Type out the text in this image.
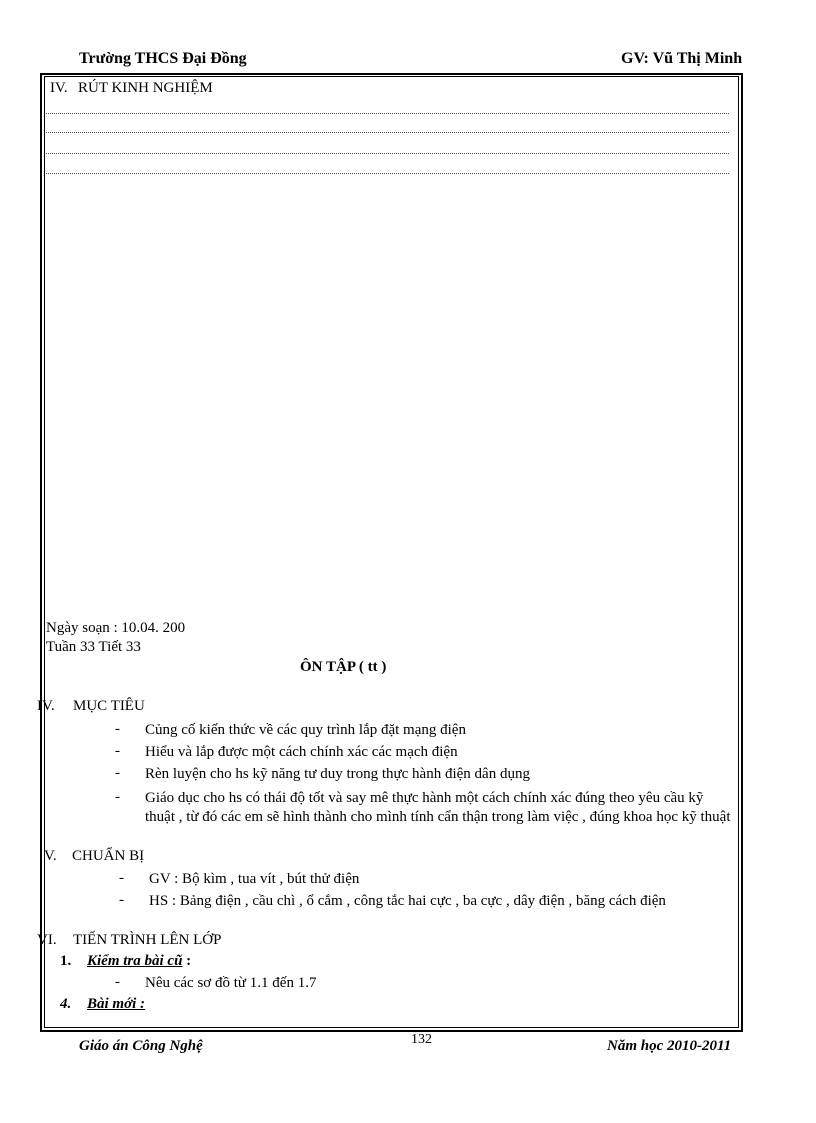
Trường THCS Đại Đồng	GV: Vũ Thị Minh
IV. RÚT KINH NGHIỆM
Ngày soạn : 10.04. 200
Tuần 33 Tiết 33
ÔN TẬP ( tt )
IV. MỤC TIÊU
- Củng cố kiến thức về các quy trình lắp đặt mạng điện
- Hiểu và lắp được một cách chính xác các mạch điện
- Rèn luyện cho hs kỹ năng tư duy trong thực hành điện dân dụng
- Giáo dục cho hs có thái độ tốt và say mê thực hành một cách chính xác đúng theo yêu cầu kỹ thuật , từ đó các em sẽ hình thành cho mình tính cẩn thận trong làm việc , đúng khoa học kỹ thuật
V. CHUẨN BỊ
- GV : Bộ kìm , tua vít , bút thử điện
- HS : Bảng điện , cầu chì , ổ cắm , công tắc hai cực , ba cực , dây điện , băng cách điện
VI. TIẾN TRÌNH LÊN LỚP
1. Kiểm tra bài cũ :
- Nêu các sơ đồ từ 1.1 đến 1.7
4. Bài mới :
Giáo án Công Nghệ	132	Năm học 2010-2011
